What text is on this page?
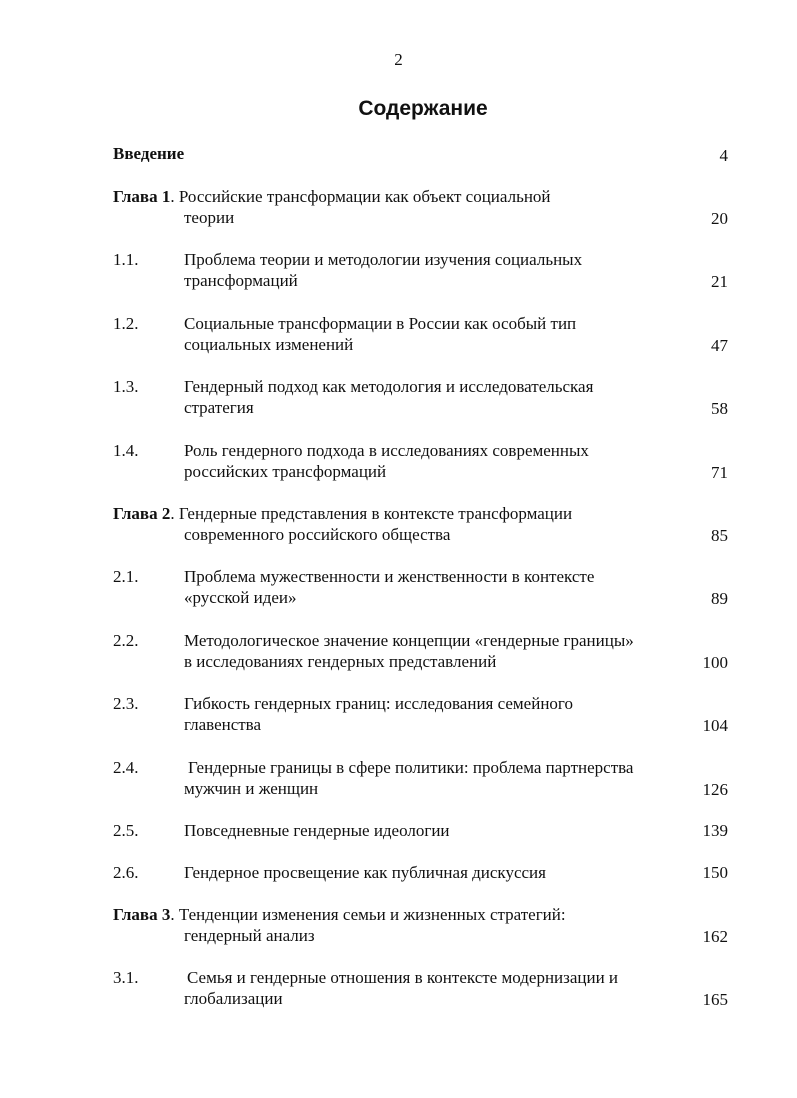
2
Содержание
Введение	4
Глава 1. Российские трансформации как объект социальной
теории	20
1.1.	Проблема теории и методологии изучения социальных
трансформаций	21
1.2.	Социальные трансформации в России как особый тип
социальных изменений	47
1.3.	Гендерный подход как методология и исследовательская
стратегия	58
1.4.	Роль гендерного подхода в исследованиях современных
российских трансформаций	71
Глава 2. Гендерные представления в контексте трансформации
современного российского общества	85
2.1.	Проблема мужественности и женственности в контексте
«русской идеи»	89
2.2.	Методологическое значение концепции «гендерные границы»
в исследованиях гендерных представлений	100
2.3.	Гибкость гендерных границ: исследования семейного
главенства	104
2.4.	Гендерные границы в сфере политики: проблема партнерства
мужчин и женщин	126
2.5.	Повседневные гендерные идеологии	139
2.6.	Гендерное просвещение как публичная дискуссия	150
Глава 3. Тенденции изменения семьи и жизненных стратегий:
гендерный анализ	162
3.1.	Семья и гендерные отношения в контексте модернизации и
глобализации	165
